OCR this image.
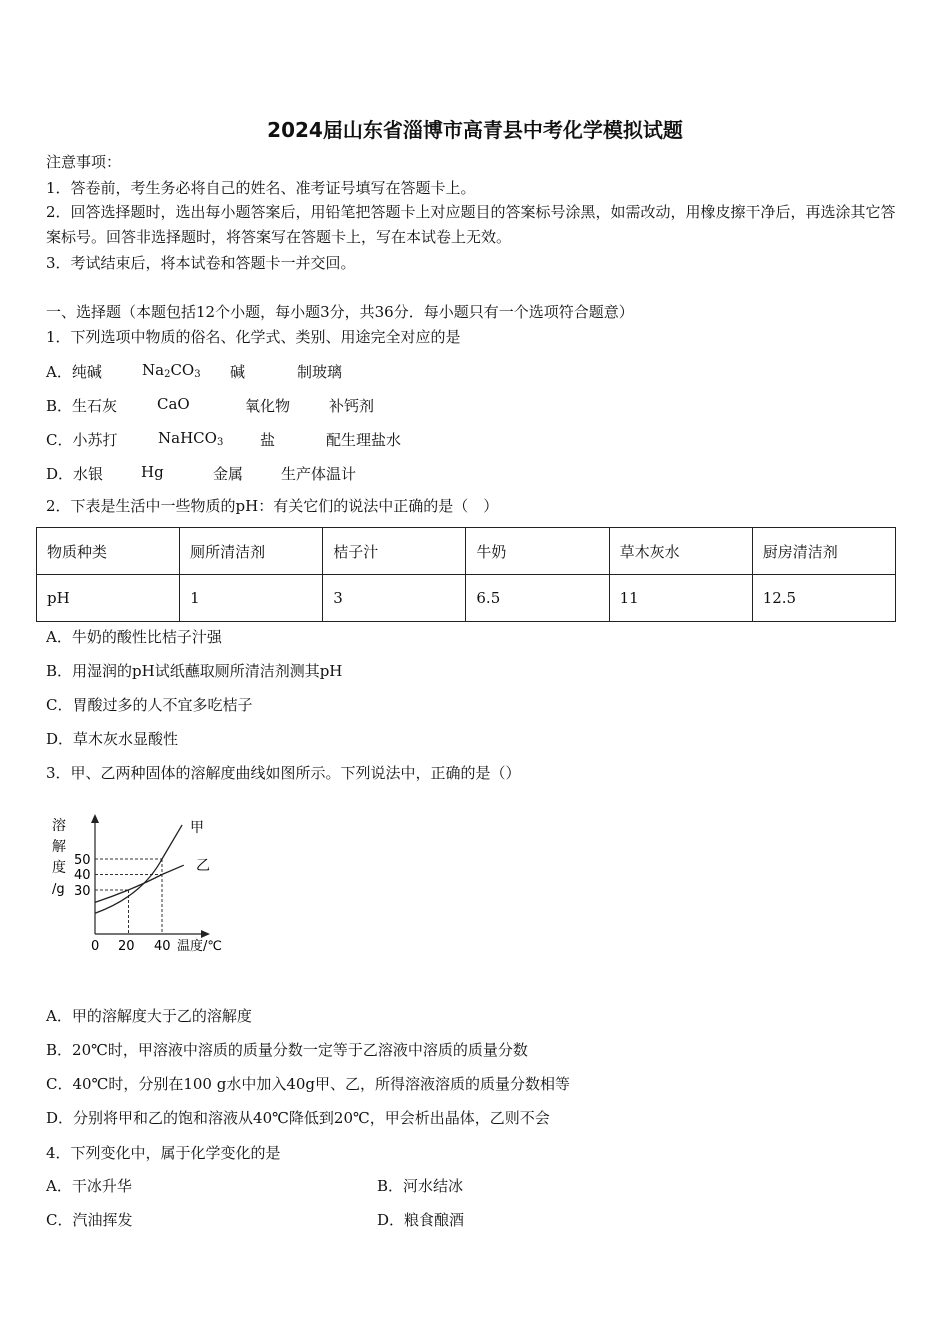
2024届山东省淄博市高青县中考化学模拟试题
注意事项：
1．答卷前，考生务必将自己的姓名、准考证号填写在答题卡上。
2．回答选择题时，选出每小题答案后，用铅笔把答题卡上对应题目的答案标号涂黑，如需改动，用橡皮擦干净后，再选涂其它答案标号。回答非选择题时，将答案写在答题卡上，写在本试卷上无效。
3．考试结束后，将本试卷和答题卡一并交回。
一、选择题（本题包括12个小题，每小题3分，共36分．每小题只有一个选项符合题意）
1．下列选项中物质的俗名、化学式、类别、用途完全对应的是
A．纯碱	$Na_2CO_3$ 碱	制玻璃
B．生石灰	CaO	氧化物	补钙剂
C．小苏打	NaHCO$_3$ 盐	配生理盐水
D．水银	Hg	金属	生产体温计
2．下表是生活中一些物质的pH：有关它们的说法中正确的是（　）
物质种类	厕所清洁剂	桔子汁	牛奶	草木灰水	厨房清洁剂
pH	1	3	6.5	11	12.5
A．牛奶的酸性比桔子汁强
B．用湿润的pH试纸蘸取厕所清洁剂测其pH
C．胃酸过多的人不宜多吃桔子
D．草木灰水显酸性
3．甲、乙两种固体的溶解度曲线如图所示。下列说法中，正确的是（）
溶
解
度
/g
50
40
30
0 20 40 温度/℃
甲
乙
A．甲的溶解度大于乙的溶解度
B．20℃时，甲溶液中溶质的质量分数一定等于乙溶液中溶质的质量分数
C．40℃时，分别在100 g水中加入40g甲、乙，所得溶液溶质的质量分数相等
D．分别将甲和乙的饱和溶液从40℃降低到20℃，甲会析出晶体，乙则不会
4．下列变化中，属于化学变化的是
A．干冰升华	B．河水结冰
C．汽油挥发	D．粮食酿酒
